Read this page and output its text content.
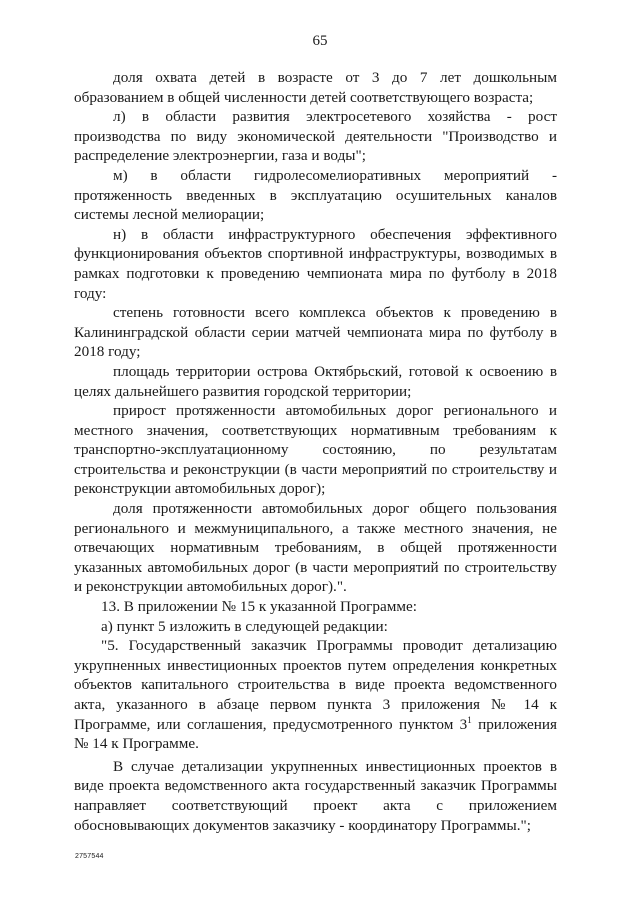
65

доля охвата детей в возрасте от 3 до 7 лет дошкольным образованием в общей численности детей соответствующего возраста;

л) в области развития электросетевого хозяйства - рост производства по виду экономической деятельности "Производство и распределение электроэнергии, газа и воды";

м) в области гидролесомелиоративных мероприятий - протяженность введенных в эксплуатацию осушительных каналов системы лесной мелиорации;

н) в области инфраструктурного обеспечения эффективного функционирования объектов спортивной инфраструктуры, возводимых в рамках подготовки к проведению чемпионата мира по футболу в 2018 году:

степень готовности всего комплекса объектов к проведению в Калининградской области серии матчей чемпионата мира по футболу в 2018 году;

площадь территории острова Октябрьский, готовой к освоению в целях дальнейшего развития городской территории;

прирост протяженности автомобильных дорог регионального и местного значения, соответствующих нормативным требованиям к транспортно-эксплуатационному состоянию, по результатам строительства и реконструкции (в части мероприятий по строительству и реконструкции автомобильных дорог);

доля протяженности автомобильных дорог общего пользования регионального и межмуниципального, а также местного значения, не отвечающих нормативным требованиям, в общей протяженности указанных автомобильных дорог (в части мероприятий по строительству и реконструкции автомобильных дорог).".

13. В приложении № 15 к указанной Программе:

а) пункт 5 изложить в следующей редакции:

"5. Государственный заказчик Программы проводит детализацию укрупненных инвестиционных проектов путем определения конкретных объектов капитального строительства в виде проекта ведомственного акта, указанного в абзаце первом пункта 3 приложения № 14 к Программе, или соглашения, предусмотренного пунктом $3^1$ приложения № 14 к Программе.

В случае детализации укрупненных инвестиционных проектов в виде проекта ведомственного акта государственный заказчик Программы направляет соответствующий проект акта с приложением обосновывающих документов заказчику - координатору Программы.";

2757544
